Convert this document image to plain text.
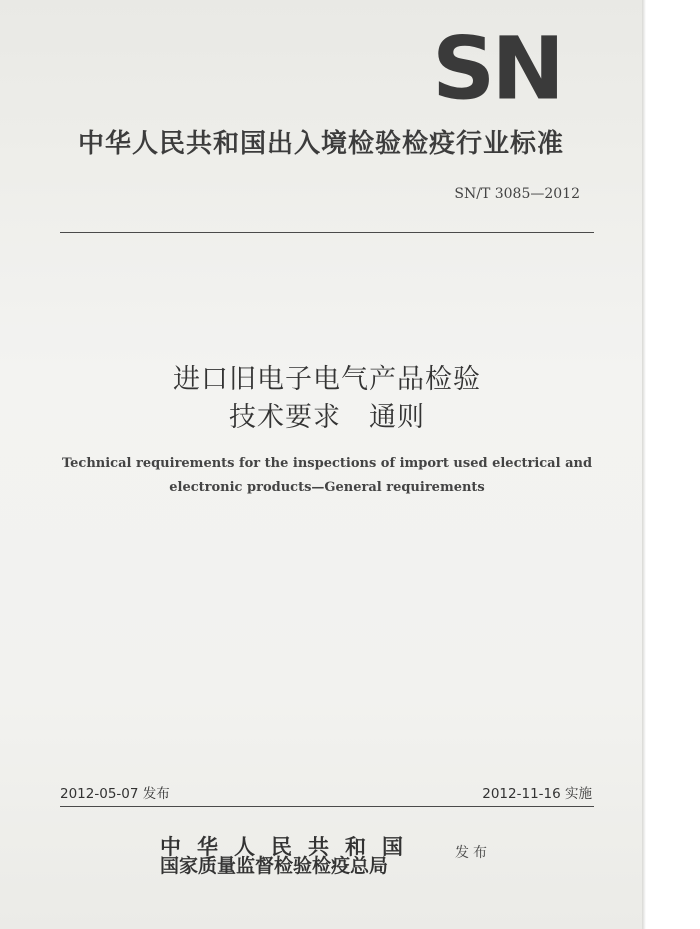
SN
中华人民共和国出入境检验检疫行业标准
SN/T 3085—2012
进口旧电子电气产品检验
技术要求　通则
Technical requirements for the inspections of import used electrical and
electronic products—General requirements
2012-05-07 发布	2012-11-16 实施
中华人民共和国
国家质量监督检验检疫总局
发布
